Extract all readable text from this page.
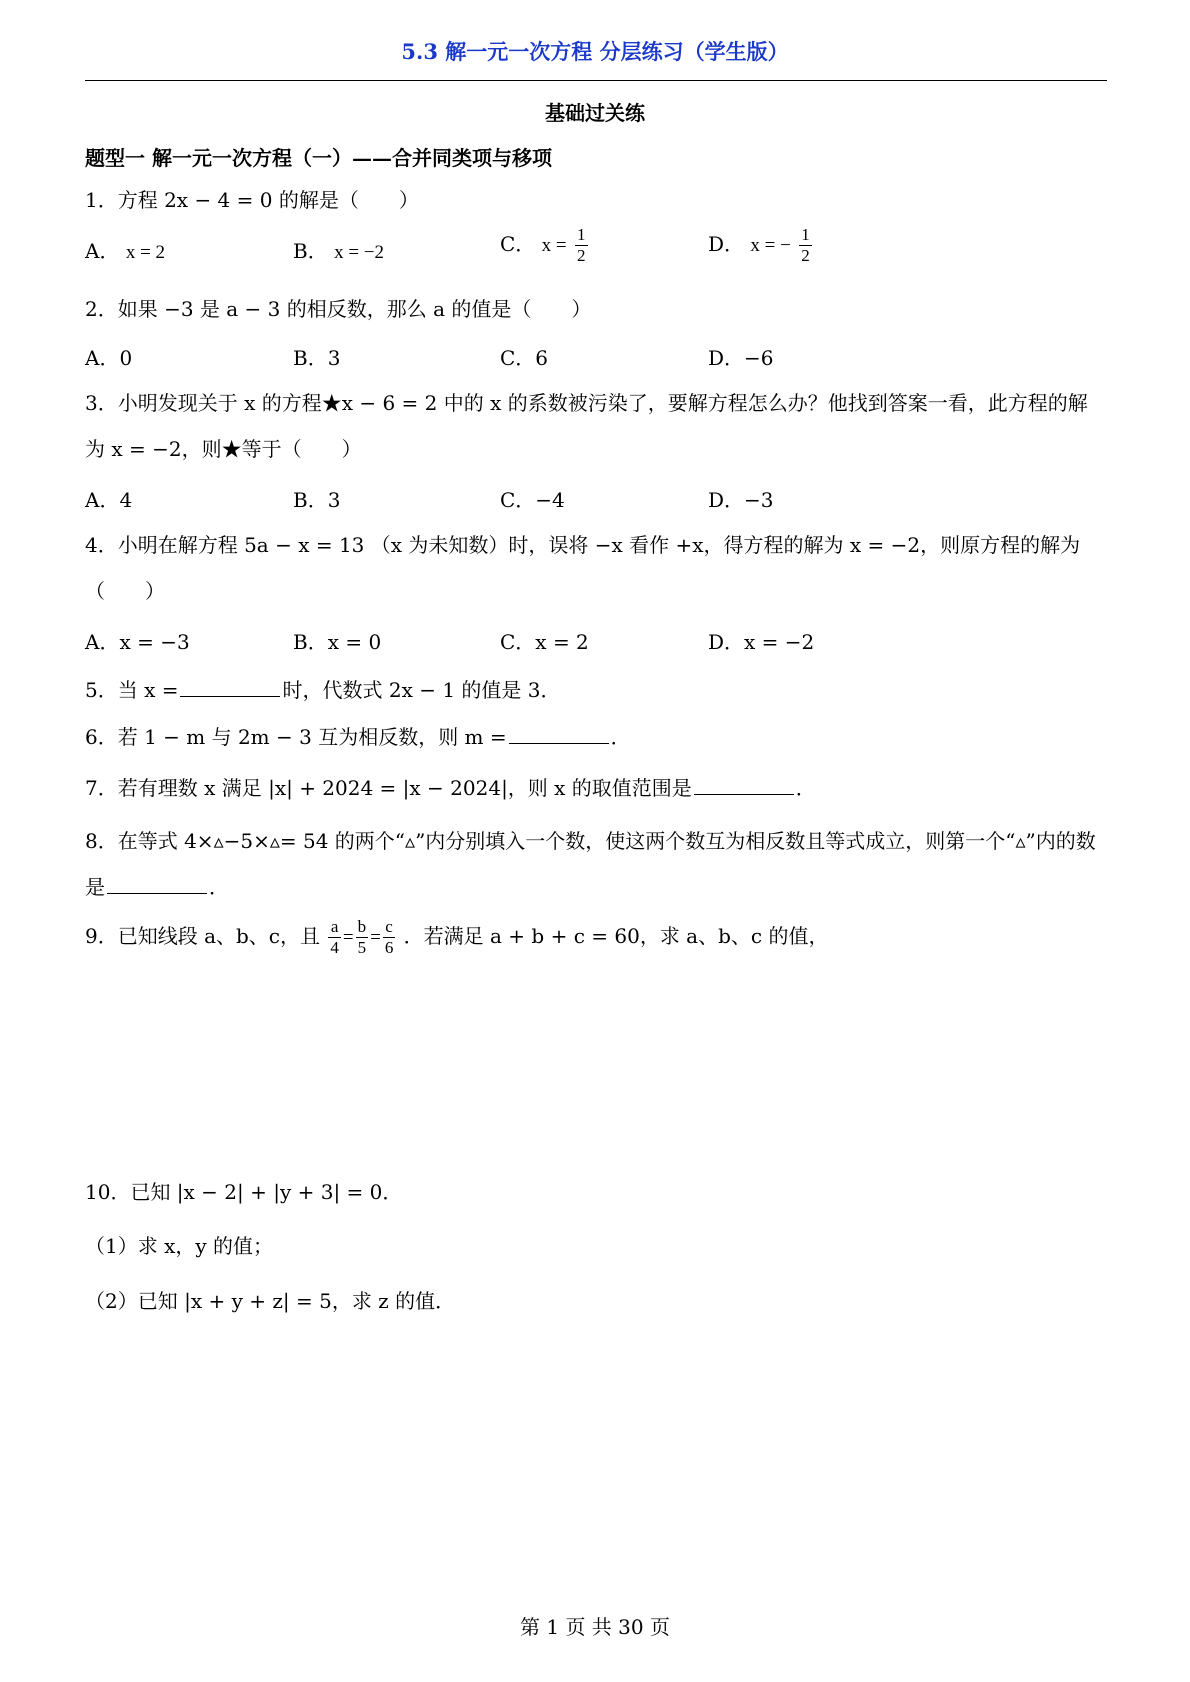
5.3 解一元一次方程 分层练习（学生版）
基础过关练
题型一 解一元一次方程（一）——合并同类项与移项
1．方程 2x − 4 = 0 的解是（　　）
A． x = 2	B． x = −2	C． $x = \frac{1}{2}$	D． x = − $\frac{1}{2}$
2．如果 −3 是 a − 3 的相反数，那么 a 的值是（　　）
A．0	B．3	C．6	D．−6
3．小明发现关于 x 的方程★x − 6 = 2 中的 x 的系数被污染了，要解方程怎么办？他找到答案一看，此方程的解为 x = −2，则★等于（　　）
A．4	B．3	C．−4	D．−3
4．小明在解方程 5a − x = 13 （x 为未知数）时，误将 −x 看作 +x，得方程的解为 x = −2，则原方程的解为（　　）
A．x = −3	B．x = 0	C．x = 2	D．x = −2
5．当 x =	时，代数式 2x − 1 的值是 3．
6．若 1 − m 与 2m − 3 互为相反数，则 m =	．
7．若有理数 x 满足 |x| + 2024 = |x − 2024|，则 x 的取值范围是	．
8．在等式 4×▵−5×▵= 54 的两个“▵”内分别填入一个数，使这两个数互为相反数且等式成立，则第一个“▵”内的数是	．
9．已知线段 a、b、c，且 $\frac{a}{4} = \frac{b}{5} = \frac{c}{6}$ ．若满足 a + b + c = 60，求 a、b、c 的值，
10．已知 |x − 2| + |y + 3| = 0．
（1）求 x，y 的值；
（2）已知 |x + y + z| = 5，求 z 的值．
第 1 页 共 30 页
